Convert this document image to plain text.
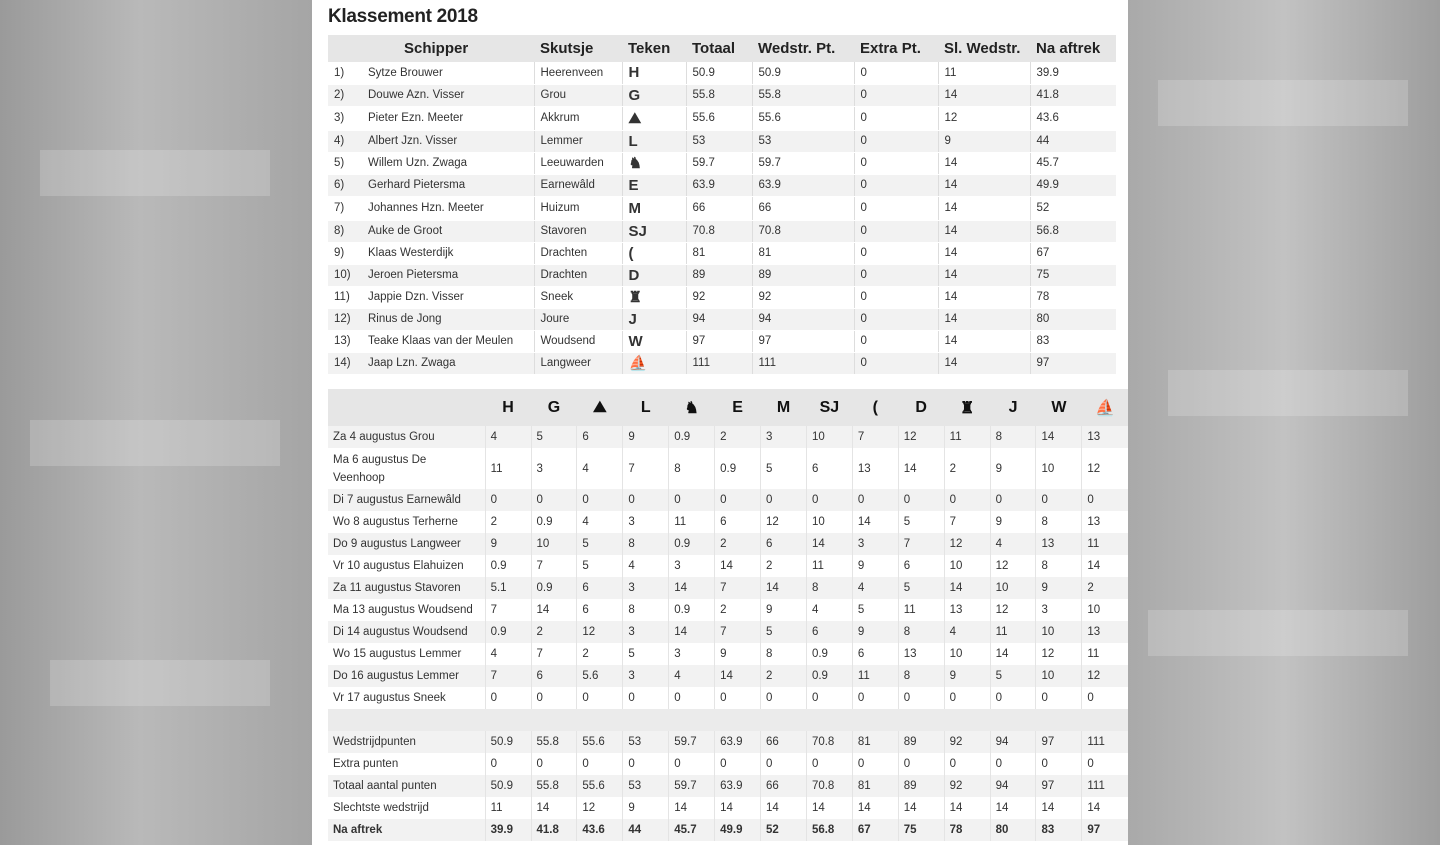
Klassement 2018
	Schipper	Skutsje	Teken	Totaal	Wedstr. Pt.	Extra Pt.	Sl. Wedstr.	Na aftrek
1)	Sytze Brouwer	Heerenveen	H	50.9	50.9	0	11	39.9
2)	Douwe Azn. Visser	Grou	G	55.8	55.8	0	14	41.8
3)	Pieter Ezn. Meeter	Akkrum	⛰	55.6	55.6	0	12	43.6
4)	Albert Jzn. Visser	Lemmer	L	53	53	0	9	44
5)	Willem Uzn. Zwaga	Leeuwarden	♞	59.7	59.7	0	14	45.7
6)	Gerhard Pietersma	Earnewâld	E	63.9	63.9	0	14	49.9
7)	Johannes Hzn. Meeter	Huizum	M	66	66	0	14	52
8)	Auke de Groot	Stavoren	SJ	70.8	70.8	0	14	56.8
9)	Klaas Westerdijk	Drachten	(	81	81	0	14	67
10)	Jeroen Pietersma	Drachten	D	89	89	0	14	75
11)	Jappie Dzn. Visser	Sneek	♜	92	92	0	14	78
12)	Rinus de Jong	Joure	J	94	94	0	14	80
13)	Teake Klaas van der Meulen	Woudsend	W	97	97	0	14	83
14)	Jaap Lzn. Zwaga	Langweer	⛵	111	111	0	14	97
	H	G	⛰	L	♞	E	M	SJ	(	D	♜	J	W	⛵
Za 4 augustus Grou	4	5	6	9	0.9	2	3	10	7	12	11	8	14	13
Ma 6 augustus De Veenhoop	11	3	4	7	8	0.9	5	6	13	14	2	9	10	12
Di 7 augustus Earnewâld	0	0	0	0	0	0	0	0	0	0	0	0	0	0
Wo 8 augustus Terherne	2	0.9	4	3	11	6	12	10	14	5	7	9	8	13
Do 9 augustus Langweer	9	10	5	8	0.9	2	6	14	3	7	12	4	13	11
Vr 10 augustus Elahuizen	0.9	7	5	4	3	14	2	11	9	6	10	12	8	14
Za 11 augustus Stavoren	5.1	0.9	6	3	14	7	14	8	4	5	14	10	9	2
Ma 13 augustus Woudsend	7	14	6	8	0.9	2	9	4	5	11	13	12	3	10
Di 14 augustus Woudsend	0.9	2	12	3	14	7	5	6	9	8	4	11	10	13
Wo 15 augustus Lemmer	4	7	2	5	3	9	8	0.9	6	13	10	14	12	11
Do 16 augustus Lemmer	7	6	5.6	3	4	14	2	0.9	11	8	9	5	10	12
Vr 17 augustus Sneek	0	0	0	0	0	0	0	0	0	0	0	0	0	0

Wedstrijdpunten	50.9	55.8	55.6	53	59.7	63.9	66	70.8	81	89	92	94	97	111
Extra punten	0	0	0	0	0	0	0	0	0	0	0	0	0	0
Totaal aantal punten	50.9	55.8	55.6	53	59.7	63.9	66	70.8	81	89	92	94	97	111
Slechtste wedstrijd	11	14	12	9	14	14	14	14	14	14	14	14	14	14
Na aftrek	39.9	41.8	43.6	44	45.7	49.9	52	56.8	67	75	78	80	83	97
